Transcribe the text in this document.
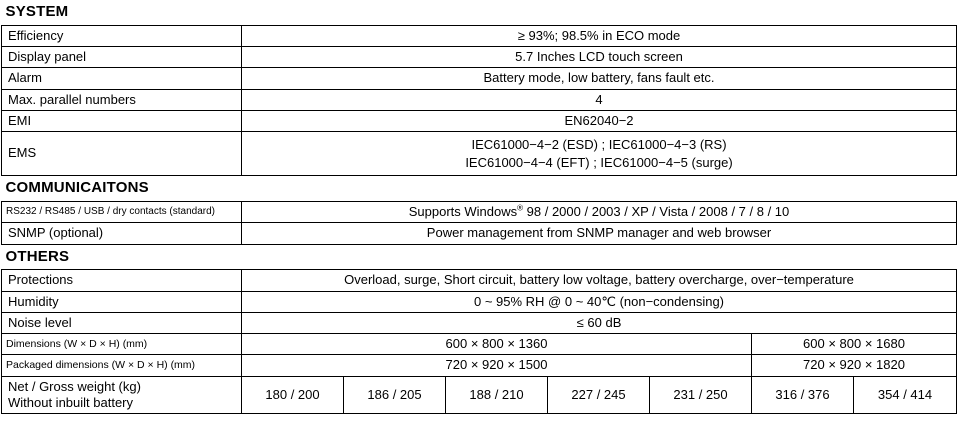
SYSTEM							
Efficiency	≥ 93%; 98.5% in ECO mode						
Display panel	5.7 Inches LCD touch screen						
Alarm	Battery mode, low battery, fans fault etc.						
Max. parallel numbers	4						
EMI	EN62040−2						
EMS	IEC61000−4−2 (ESD) ; IEC61000−4−3 (RS)
IEC61000−4−4 (EFT) ; IEC61000−4−5 (surge)						

COMMUNICAITONS							
RS232 / RS485 / USB / dry contacts (standard)	Supports Windows® 98 / 2000 / 2003 / XP / Vista / 2008 / 7 / 8 / 10						
SNMP (optional)	Power management from SNMP manager and web browser						
OTHERS							
Protections	Overload, surge, Short circuit, battery low voltage, battery overcharge, over−temperature						
Humidity	0 ~ 95% RH @ 0 ~ 40℃ (non−condensing)						
Noise level	≤ 60 dB						
Dimensions (W × D × H) (mm)	600 × 800 × 1360					600 × 800 × 1680	
Packaged dimensions (W × D × H) (mm)	720 × 920 × 1500					720 × 920 × 1820	

Net / Gross weight (kg)
Without inbuilt battery	180 / 200	186 / 205	188 / 210	227 / 245	231 / 250	316 / 376	354 / 414
